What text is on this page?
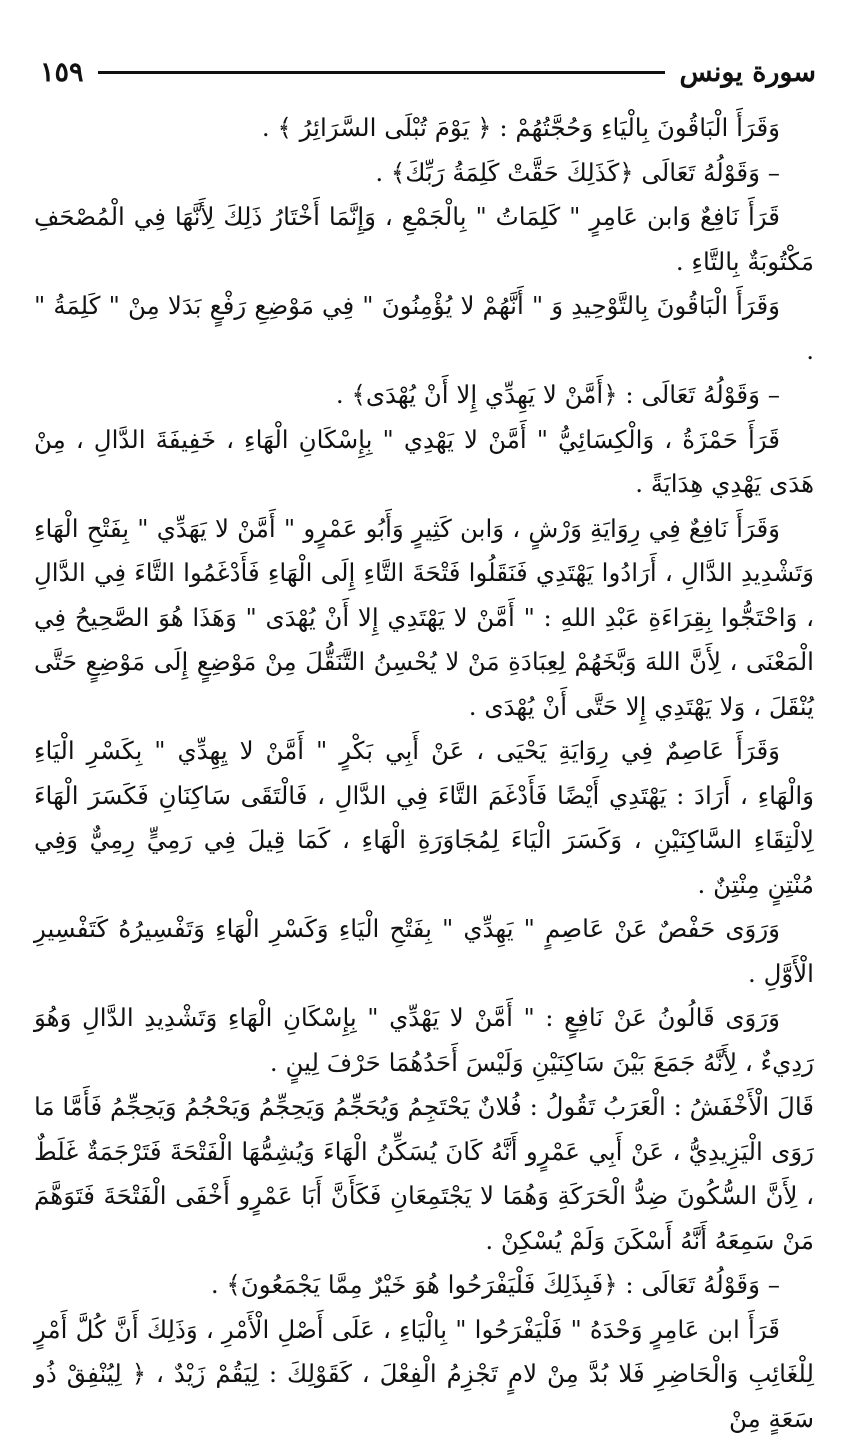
سورة يونس
١٥٩

وَقَرَأَ الْبَاقُونَ بِالْيَاءِ وَحُجَّتُهُمْ : ﴿ يَوْمَ تُبْلَى السَّرَائِرُ ﴾ .

– وَقَوْلُهُ تَعَالَى ﴿كَذَلِكَ حَقَّتْ كَلِمَةُ رَبِّكَ﴾ .

قَرَأَ نَافِعٌ وَابن عَامِرٍ " كَلِمَاتُ " بِالْجَمْعِ ، وَإِنَّمَا أَخْتَارُ ذَلِكَ لِأَنَّهَا فِي الْمُصْحَفِ مَكْتُوبَةٌ بِالتَّاءِ .

وَقَرَأَ الْبَاقُونَ بِالتَّوْحِيدِ وَ " أَنَّهُمْ لا يُؤْمِنُونَ " فِي مَوْضِعِ رَفْعٍ بَدَلا مِنْ " كَلِمَةُ " .

– وَقَوْلُهُ تَعَالَى : ﴿أَمَّنْ لا يَهِدِّي إِلا أَنْ يُهْدَى﴾ .

قَرَأَ حَمْزَةُ ، وَالْكِسَائِيُّ " أَمَّنْ لا يَهْدِي " بِإِسْكَانِ الْهَاءِ ، خَفِيفَةَ الدَّالِ ، مِنْ هَدَى يَهْدِي هِدَايَةً .

وَقَرَأَ نَافِعٌ فِي رِوَايَةِ وَرْشٍ ، وَابن كَثِيرٍ وَأَبُو عَمْرٍو " أَمَّنْ لا يَهَدِّي " بِفَتْحِ الْهَاءِ وَتَشْدِيدِ الدَّالِ ، أَرَادُوا يَهْتَدِي فَنَقَلُوا فَتْحَةَ التَّاءِ إِلَى الْهَاءِ فَأَدْغَمُوا التَّاءَ فِي الدَّالِ ، وَاحْتَجُّوا بِقِرَاءَةِ عَبْدِ اللهِ : " أَمَّنْ لا يَهْتَدِي إِلا أَنْ يُهْدَى " وَهَذَا هُوَ الصَّحِيحُ فِي الْمَعْنَى ، لِأَنَّ اللهَ وَبَّخَهُمْ لِعِبَادَةِ مَنْ لا يُحْسِنُ التَّنَقُّلَ مِنْ مَوْضِعٍ إِلَى مَوْضِعٍ حَتَّى يُنْقَلَ ، وَلا يَهْتَدِي إِلا حَتَّى أَنْ يُهْدَى .

وَقَرَأَ عَاصِمٌ فِي رِوَايَةِ يَحْيَى ، عَنْ أَبِي بَكْرٍ " أَمَّنْ لا يِهِدِّي " بِكَسْرِ الْيَاءِ وَالْهَاءِ ، أَرَادَ : يَهْتَدِي أَيْضًا فَأَدْغَمَ التَّاءَ فِي الدَّالِ ، فَالْتَقَى سَاكِنَانِ فَكَسَرَ الْهَاءَ لِالْتِقَاءِ السَّاكِنَيْنِ ، وَكَسَرَ الْيَاءَ لِمُجَاوَرَةِ الْهَاءِ ، كَمَا قِيلَ فِي رَمِيٍّ رِمِيٌّ وَفِي مُنْتِنٍ مِنْتِنٌ .

وَرَوَى حَفْصٌ عَنْ عَاصِمٍ " يَهِدِّي " بِفَتْحِ الْيَاءِ وَكَسْرِ الْهَاءِ وَتَفْسِيرُهُ كَتَفْسِيرِ الْأَوَّلِ .

وَرَوَى قَالُونُ عَنْ نَافِعٍ : " أَمَّنْ لا يَهْدِّي " بِإِسْكَانِ الْهَاءِ وَتَشْدِيدِ الدَّالِ وَهُوَ رَدِيءٌ ، لِأَنَّهُ جَمَعَ بَيْنَ سَاكِنَيْنِ وَلَيْسَ أَحَدُهُمَا حَرْفَ لِينٍ .

قَالَ الْأَخْفَشُ : الْعَرَبُ تَقُولُ : فُلانٌ يَحْتَجِمُ وَيُحَجِّمُ وَيَحِجِّمُ وَيَحْجُمُ وَيَحِجِّمُ فَأَمَّا مَا رَوَى الْيَزِيدِيُّ ، عَنْ أَبِي عَمْرٍو أَنَّهُ كَانَ يُسَكِّنُ الْهَاءَ وَيُشِمُّهَا الْفَتْحَةَ فَتَرْجَمَةٌ غَلَطٌ ، لِأَنَّ السُّكُونَ ضِدُّ الْحَرَكَةِ وَهُمَا لا يَجْتَمِعَانِ فَكَأَنَّ أَبَا عَمْرٍو أَخْفَى الْفَتْحَةَ فَتَوَهَّمَ مَنْ سَمِعَهُ أَنَّهُ أَسْكَنَ وَلَمْ يُسْكِنْ .

– وَقَوْلُهُ تَعَالَى : ﴿فَبِذَلِكَ فَلْيَفْرَحُوا هُوَ خَيْرٌ مِمَّا يَجْمَعُونَ﴾ .

قَرَأَ ابن عَامِرٍ وَحْدَهُ " فَلْيَفْرَحُوا " بِالْيَاءِ ، عَلَى أَصْلِ الْأَمْرِ ، وَذَلِكَ أَنَّ كُلَّ أَمْرٍ لِلْغَائِبِ وَالْحَاضِرِ فَلا بُدَّ مِنْ لامٍ تَجْزِمُ الْفِعْلَ ، كَقَوْلِكَ : لِيَقُمْ زَيْدٌ ، ﴿ لِيُنْفِقْ ذُو سَعَةٍ مِنْ
